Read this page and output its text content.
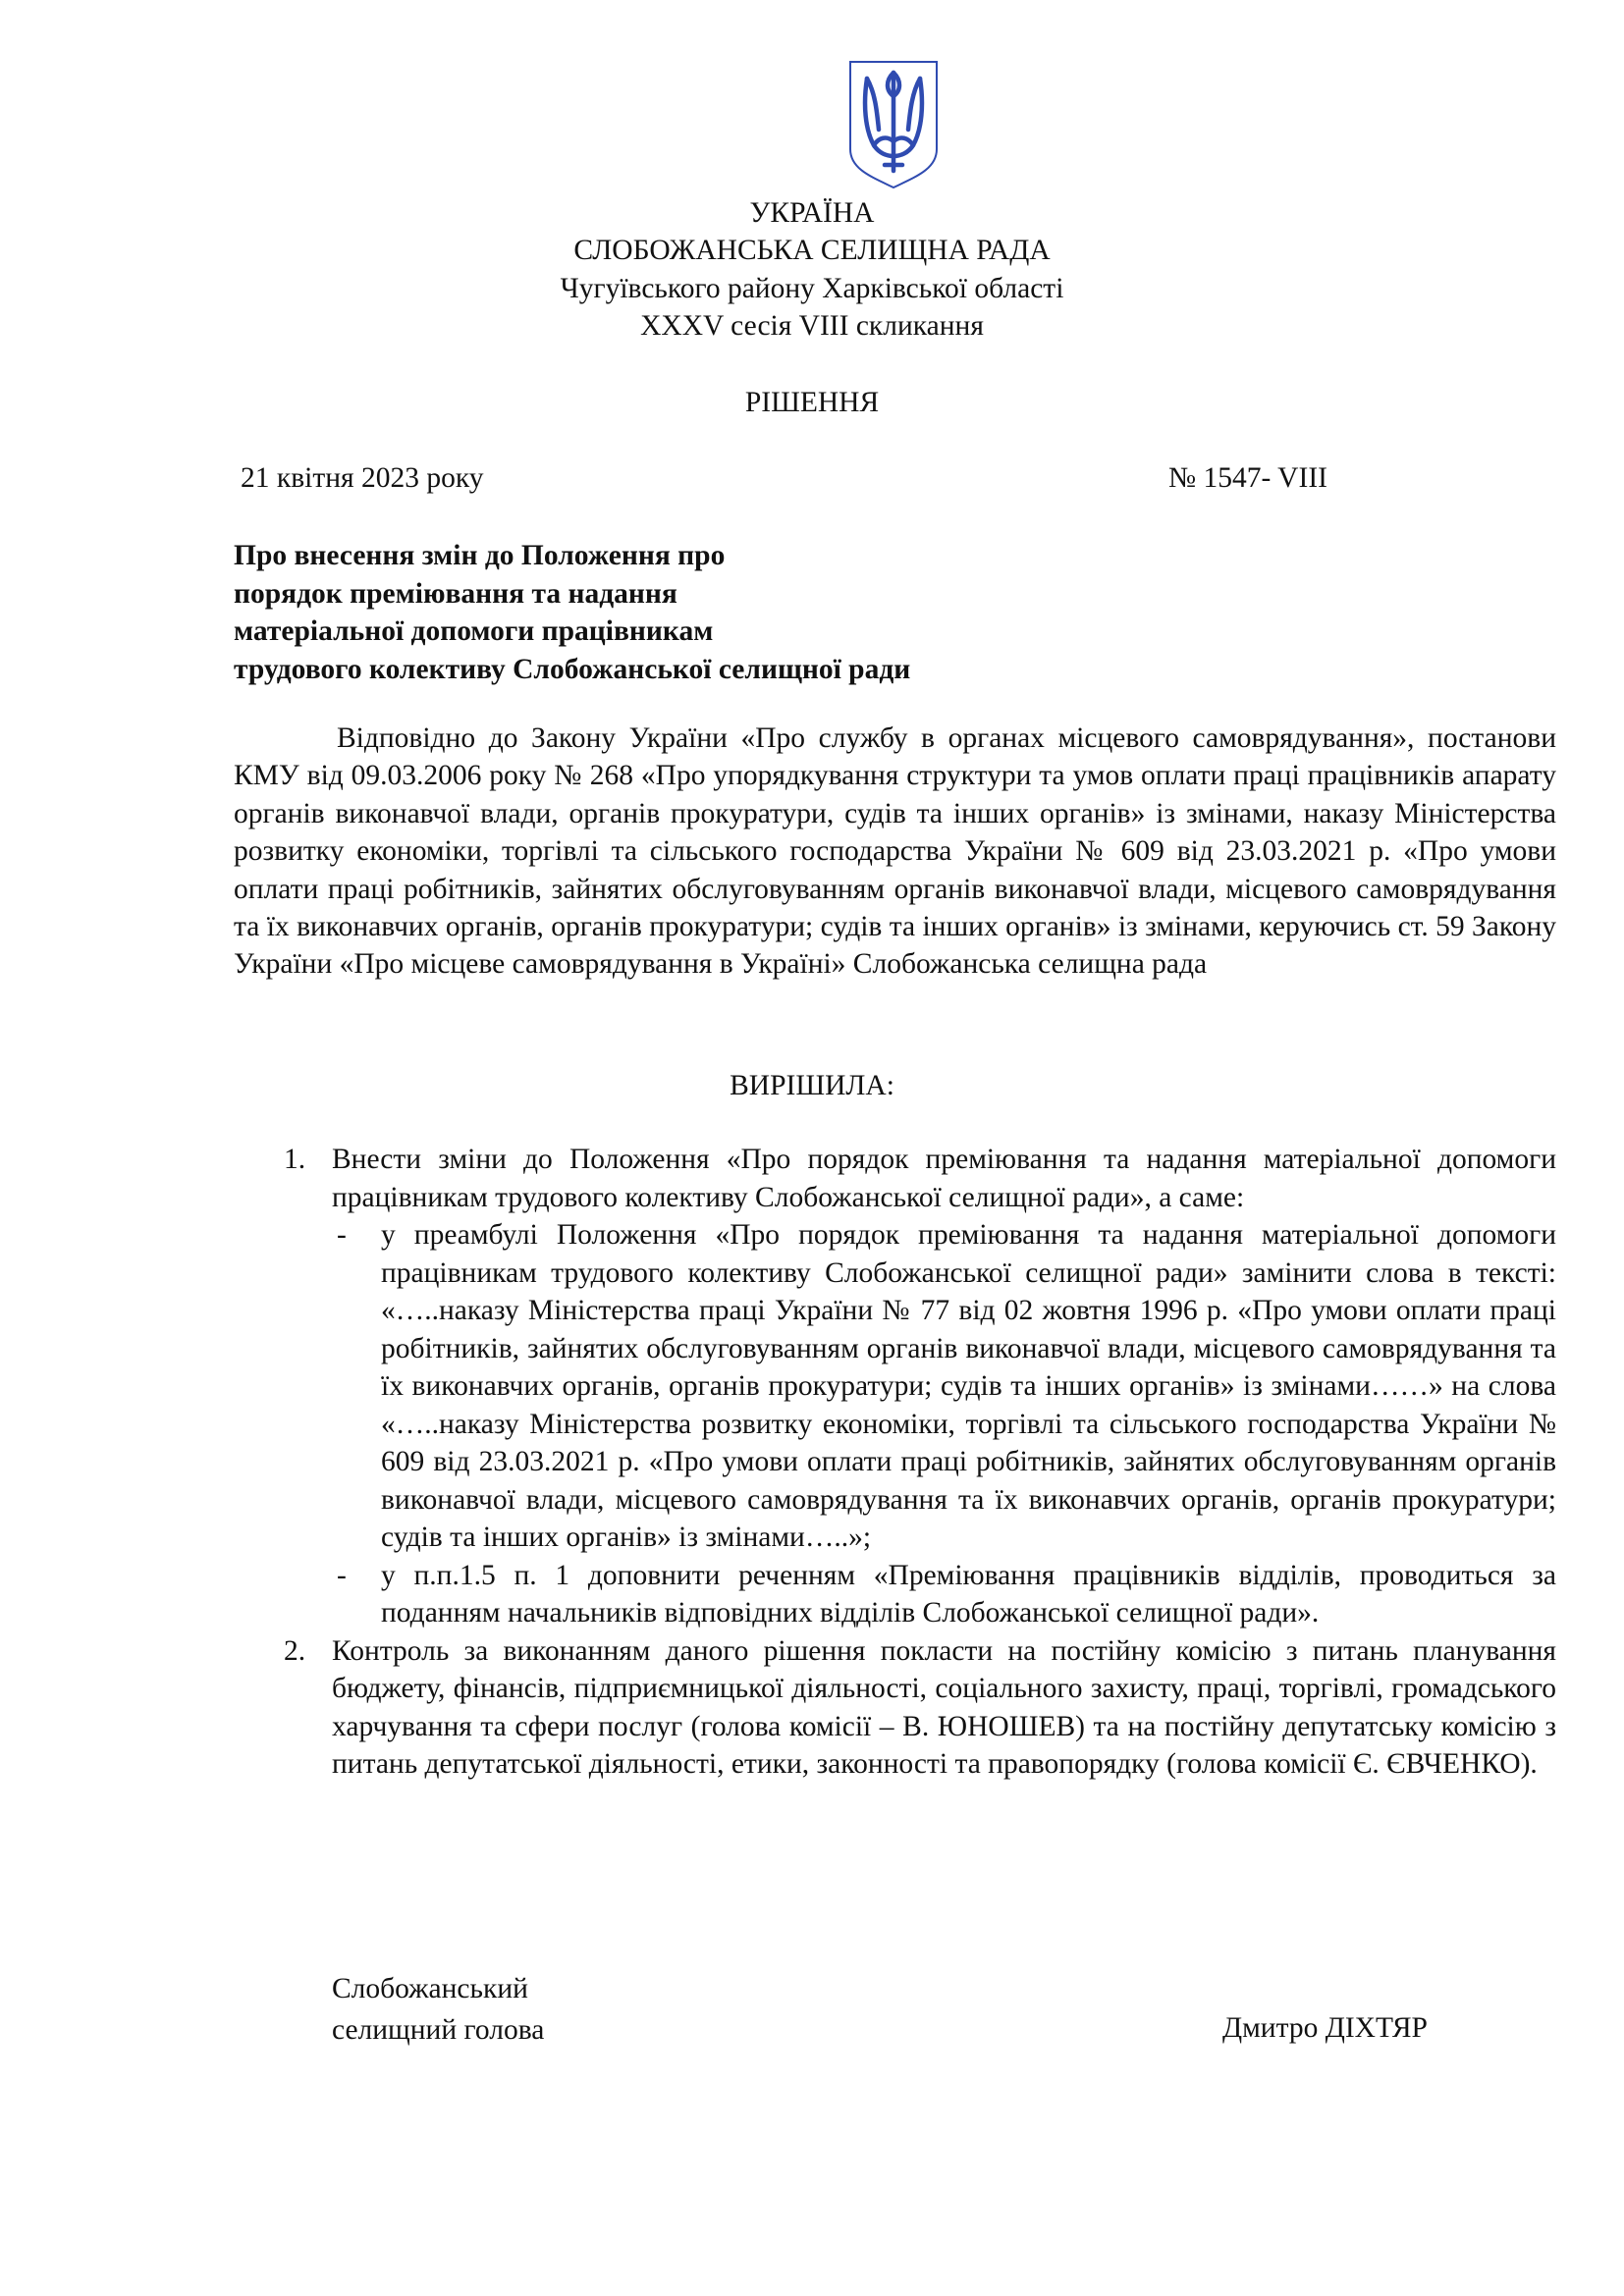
УКРАЇНА
СЛОБОЖАНСЬКА СЕЛИЩНА РАДА
Чугуївського району Харківської області
XXXV сесія VIII скликання
РІШЕННЯ
21 квітня 2023 року	№ 1547- VIII
Про внесення змін до Положення про
порядок преміювання та надання
матеріальної допомоги працівникам
трудового колективу Слобожанської селищної ради

Відповідно до Закону України «Про службу в органах місцевого самоврядування», постанови КМУ від 09.03.2006 року № 268 «Про упорядкування структури та умов оплати праці працівників апарату органів виконавчої влади, органів прокуратури, судів та інших органів» із змінами, наказу Міністерства розвитку економіки, торгівлі та сільського господарства України № 609 від 23.03.2021 р. «Про умови оплати праці робітників, зайнятих обслуговуванням органів виконавчої влади, місцевого самоврядування та їх виконавчих органів, органів прокуратури; судів та інших органів» із змінами, керуючись ст. 59 Закону України «Про місцеве самоврядування в Україні» Слобожанська селищна рада

ВИРІШИЛА:
1. Внести зміни до Положення «Про порядок преміювання та надання матеріальної допомоги працівникам трудового колективу Слобожанської селищної ради», а саме:
- у преамбулі Положення «Про порядок преміювання та надання матеріальної допомоги працівникам трудового колективу Слобожанської селищної ради» замінити слова в тексті: «…..наказу Міністерства праці України № 77 від 02 жовтня 1996 р. «Про умови оплати праці робітників, зайнятих обслуговуванням органів виконавчої влади, місцевого самоврядування та їх виконавчих органів, органів прокуратури; судів та інших органів» із змінами……» на слова «…..наказу Міністерства розвитку економіки, торгівлі та сільського господарства України № 609 від 23.03.2021 р. «Про умови оплати праці робітників, зайнятих обслуговуванням органів виконавчої влади, місцевого самоврядування та їх виконавчих органів, органів прокуратури; судів та інших органів» із змінами…..»;
- у п.п.1.5 п. 1 доповнити реченням «Преміювання працівників відділів, проводиться за поданням начальників відповідних відділів Слобожанської селищної ради».
2. Контроль за виконанням даного рішення покласти на постійну комісію з питань планування бюджету, фінансів, підприємницької діяльності, соціального захисту, праці, торгівлі, громадського харчування та сфери послуг (голова комісії – В. ЮНОШЕВ) та на постійну депутатську комісію з питань депутатської діяльності, етики, законності та правопорядку (голова комісії Є. ЄВЧЕНКО).
Слобожанський
селищний голова	Дмитро ДІХТЯР
